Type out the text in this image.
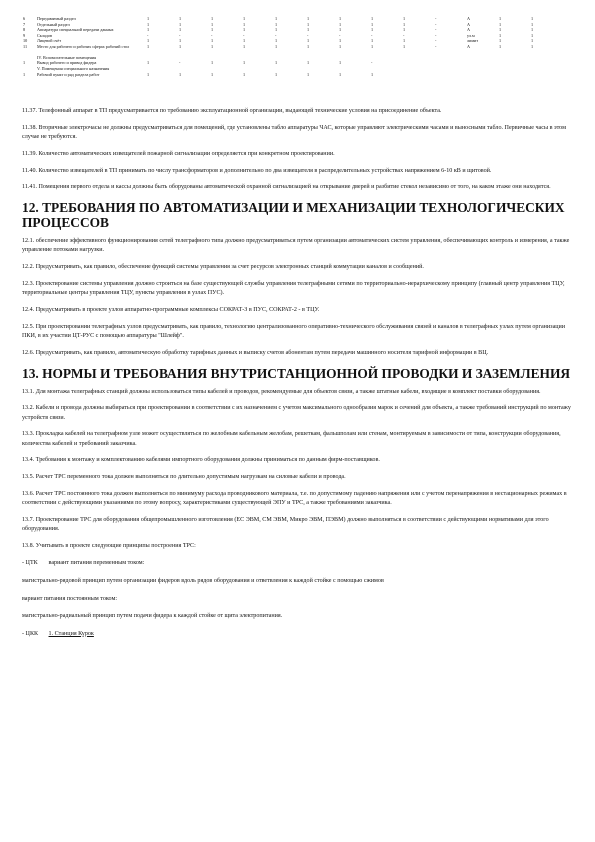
6	Передаваемый раздел	1	1	1	1	1	1	1	1	1	-	А	1	1
7	Отдельный раздел	1	1	1	1	1	1	1	1	1	-	А	1	1
8	Аппаратура специальной передачи данных	1	1	1	1	1	1	1	1	1	-	А	1	1
9	Складов	-	-	-	-	-	-	-	-	-	-	ул.м	1	1
10	Лицевой счёт	1	1	1	1	1	1	1	1	1	-	лимит	1	1
11	Место для рабочего и рабочих сферах рабочий стол	1	1	1	1	1	1	1	1	1	-	А	1	1
	IV. Вспомогательные помещения													
1	Вывод рабочего и привод фидера	1	-	1	1	1	1	1	-					
	V. Помещения специального назначения													
1	Рабочий пункт и ряд раздела работ	1	1	1	1	1	1	1	1					

11.37. Телефонный аппарат в ТП предусматривается по требованию эксплуатационной организации, выдающей технические условия на присоединение объекта.

11.38. Вторичные электрочасы не должны предусматриваться для помещений, где установлены табло аппаратуры ЧАС, которые управляют электрическими часами и выносными табло. Первичные часы в этом случае не требуются.

11.39. Количество автоматических извещателей пожарной сигнализации определяется при конкретном проектировании.

11.40. Количество извещателей в ТП принимать по числу трансформаторов и дополнительно по два извещателя в распределительных устройствах напряжением 6-10 кВ и щитовой.

11.41. Помещения первого отдела и кассы должны быть оборудованы автоматической охранной сигнализацией на открывание дверей и разбитие стекол независимо от того, на каком этаже они находятся.

12. ТРЕБОВАНИЯ ПО АВТОМАТИЗАЦИИ И МЕХАНИЗАЦИИ ТЕХНОЛОГИЧЕСКИХ ПРОЦЕССОВ

12.1. обеспечение эффективного функционирования сетей телеграфного типа должно предусматриваться путем организации автоматических систем управления, обеспечивающих контроль и измерения, а также управление потоками нагрузки.

12.2. Предусматривать, как правило, обеспечение функций системы управления за счет ресурсов электронных станций коммутации каналов и сообщений.

12.3. Проектирование системы управления должно строиться на базе существующей службы управления телеграфными сетями по территориально-иерархическому принципу (главный центр управления ТЦУ, территориальные центры управления ТЦУ, пункты управления в узлах ПУС).

12.4. Предусматривать в проекте узлов аппаратно-программные комплексы СОКРАТ-З в ПУС, СОКРАТ-2 - в ТЦУ.

12.5. При проектировании телеграфных узлов предусматривать, как правило, технологию централизованного оперативно-технического обслуживания связей и каналов в телеграфных узлах путем организации ПКИ, в их участии ЦТ-РУС с помощью аппаратуры "Шлейф".

12.6. Предусматривать, как правило, автоматическую обработку тарифных данных и выписку счетов абонентам путем передачи машинного носителя тарифной информации в ВЦ.

13. НОРМЫ И ТРЕБОВАНИЯ ВНУТРИСТАНЦИОННОЙ ПРОВОДКИ И ЗАЗЕМЛЕНИЯ

13.1. Для монтажа телеграфных станций должны использоваться типы кабелей и проводов, рекомендуемые для объектов связи, а также штатные кабели, входящие в комплект поставки оборудования.

13.2. Кабели и провода должны выбираться при проектировании в соответствии с их назначением с учетом максимального однообразия марок и сечений для объекта, а также требований инструкций по монтажу устройств связи.

13.3. Прокладка кабелей на телеграфном узле может осуществляться по желобным кабельным желобам, решеткам, фальшполам или стенам, монтируемым в зависимости от типа, конструкции оборудования, количества кабелей и требований заказчика.

13.4. Требования к монтажу и комплектованию кабелями импортного оборудования должны приниматься по данным фирм-поставщиков.

13.5. Расчет ТРС переменного тока должен выполняться по длительно допустимым нагрузкам на силовые кабели и провода.

13.6. Расчет ТРС постоянного тока должен выполняться по минимуму расхода проводникового материала, т.е. по допустимому падению напряжения или с учетом перенапряжения в нестационарных режимах в соответствии с действующими указаниями по этому вопросу, характеристиками существующей ЭПУ и ТРС, а также требованиями заказчика.

13.7. Проектирование ТРС для оборудования общепромышленного изготовления (ЕС ЭВМ, СМ ЭВМ, Микро ЭВМ, ПЭВМ) должно выполняться в соответствии с действующими нормативами для этого оборудования.

13.8. Учитывать в проекте следующие принципы построения ТРС:

- ЦТК вариант питания переменным током:
магистрально-рядовой принцип путем организации фидеров вдоль рядов оборудования и ответвления к каждой стойке с помощью сжимов
вариант питания постоянным током:
магистрально-радиальный принцип путем подачи фидера к каждой стойке от щита электропитания.
- ЦКК 1. Станция Курок
